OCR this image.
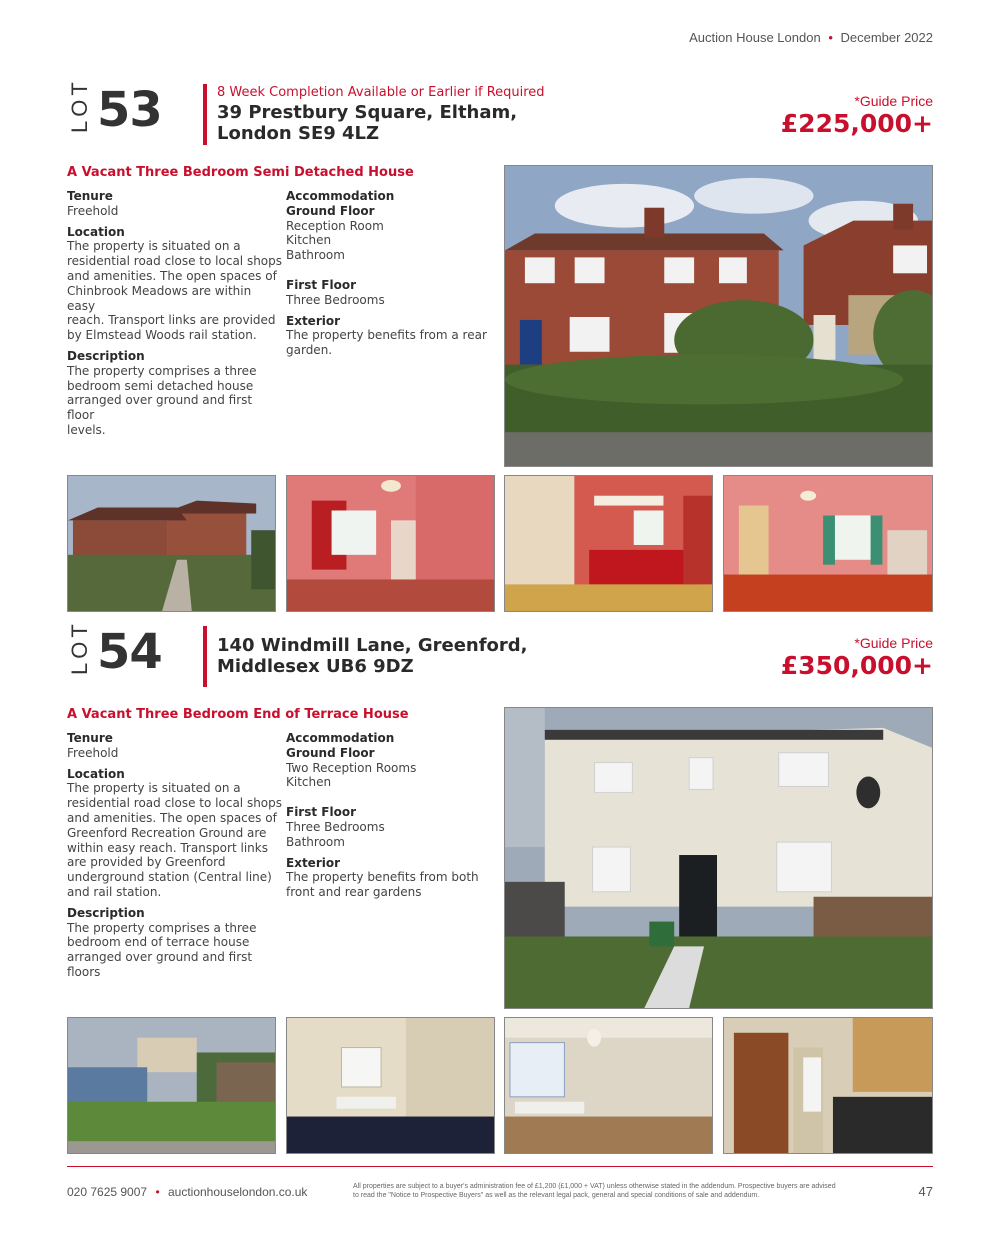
Auction House London • December 2022
LOT 53	8 Week Completion Available or Earlier if Required
39 Prestbury Square, Eltham,
London SE9 4LZ
*Guide Price
£225,000+
A Vacant Three Bedroom Semi Detached House
Tenure
Freehold
Location
The property is situated on a
residential road close to local shops
and amenities. The open spaces of
Chinbrook Meadows are within easy
reach. Transport links are provided
by Elmstead Woods rail station.
Description
The property comprises a three
bedroom semi detached house
arranged over ground and first floor
levels.
Accommodation
Ground Floor
Reception Room
Kitchen
Bathroom
First Floor
Three Bedrooms
Exterior
The property benefits from a rear
garden.
LOT 54	140 Windmill Lane, Greenford,
Middlesex UB6 9DZ
*Guide Price
£350,000+
A Vacant Three Bedroom End of Terrace House
Tenure
Freehold
Location
The property is situated on a
residential road close to local shops
and amenities. The open spaces of
Greenford Recreation Ground are
within easy reach. Transport links
are provided by Greenford
underground station (Central line)
and rail station.
Description
The property comprises a three
bedroom end of terrace house
arranged over ground and first
floors
Accommodation
Ground Floor
Two Reception Rooms
Kitchen
First Floor
Three Bedrooms
Bathroom
Exterior
The property benefits from both
front and rear gardens
020 7625 9007 • auctionhouselondon.co.uk	All properties are subject to a buyer's administration fee of £1,200 (£1,000 + VAT) unless otherwise stated in the addendum. Prospective buyers are advised to read the "Notice to Prospective Buyers" as well as the relevant legal pack, general and special conditions of sale and addendum.	47
